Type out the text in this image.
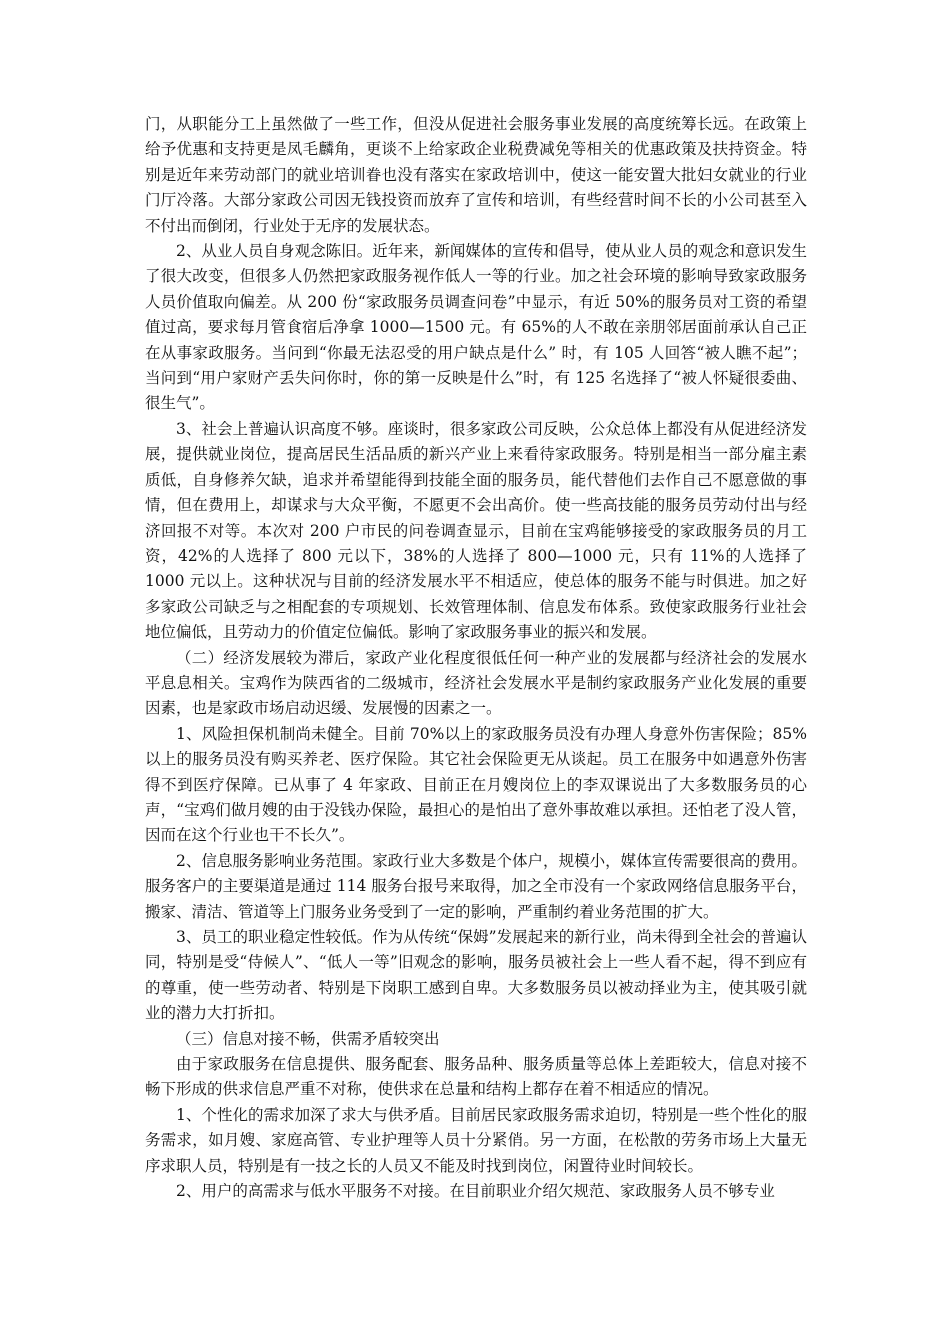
门，从职能分工上虽然做了一些工作，但没从促进社会服务事业发展的高度统筹长远。在政策上给予优惠和支持更是凤毛麟角，更谈不上给家政企业税费减免等相关的优惠政策及扶持资金。特别是近年来劳动部门的就业培训眷也没有落实在家政培训中，使这一能安置大批妇女就业的行业门厅冷落。大部分家政公司因无钱投资而放弃了宣传和培训，有些经营时间不长的小公司甚至入不付出而倒闭，行业处于无序的发展状态。

2、从业人员自身观念陈旧。近年来，新闻媒体的宣传和倡导，使从业人员的观念和意识发生了很大改变，但很多人仍然把家政服务视作低人一等的行业。加之社会环境的影响导致家政服务人员价值取向偏差。从 200 份“家政服务员调查问卷”中显示，有近 50%的服务员对工资的希望值过高，要求每月管食宿后净拿 1000—1500 元。有 65%的人不敢在亲朋邻居面前承认自己正在从事家政服务。当问到“你最无法忍受的用户缺点是什么” 时，有 105 人回答“被人瞧不起”；当问到“用户家财产丢失问你时，你的第一反映是什么”时，有 125 名选择了“被人怀疑很委曲、很生气”。

3、社会上普遍认识高度不够。座谈时，很多家政公司反映，公众总体上都没有从促进经济发展，提供就业岗位，提高居民生活品质的新兴产业上来看待家政服务。特别是相当一部分雇主素质低，自身修养欠缺，追求并希望能得到技能全面的服务员，能代替他们去作自己不愿意做的事情，但在费用上，却谋求与大众平衡，不愿更不会出高价。使一些高技能的服务员劳动付出与经济回报不对等。本次对 200 户市民的问卷调查显示，目前在宝鸡能够接受的家政服务员的月工资，42%的人选择了 800 元以下，38%的人选择了 800—1000 元，只有 11%的人选择了 1000 元以上。这种状况与目前的经济发展水平不相适应，使总体的服务不能与时俱进。加之好多家政公司缺乏与之相配套的专项规划、长效管理体制、信息发布体系。致使家政服务行业社会地位偏低，且劳动力的价值定位偏低。影响了家政服务事业的振兴和发展。

（二）经济发展较为滞后，家政产业化程度很低任何一种产业的发展都与经济社会的发展水平息息相关。宝鸡作为陕西省的二级城市，经济社会发展水平是制约家政服务产业化发展的重要因素，也是家政市场启动迟缓、发展慢的因素之一。

1、风险担保机制尚未健全。目前 70%以上的家政服务员没有办理人身意外伤害保险；85%以上的服务员没有购买养老、医疗保险。其它社会保险更无从谈起。员工在服务中如遇意外伤害得不到医疗保障。已从事了 4 年家政、目前正在月嫂岗位上的李双课说出了大多数服务员的心声，“宝鸡们做月嫂的由于没钱办保险，最担心的是怕出了意外事故难以承担。还怕老了没人管，因而在这个行业也干不长久”。

2、信息服务影响业务范围。家政行业大多数是个体户，规模小，媒体宣传需要很高的费用。服务客户的主要渠道是通过 114 服务台报号来取得，加之全市没有一个家政网络信息服务平台，搬家、清洁、管道等上门服务业务受到了一定的影响，严重制约着业务范围的扩大。

3、员工的职业稳定性较低。作为从传统“保姆”发展起来的新行业，尚未得到全社会的普遍认同，特别是受“侍候人”、“低人一等”旧观念的影响，服务员被社会上一些人看不起，得不到应有的尊重，使一些劳动者、特别是下岗职工感到自卑。大多数服务员以被动择业为主，使其吸引就业的潜力大打折扣。

（三）信息对接不畅，供需矛盾较突出

由于家政服务在信息提供、服务配套、服务品种、服务质量等总体上差距较大，信息对接不畅下形成的供求信息严重不对称，使供求在总量和结构上都存在着不相适应的情况。

1、个性化的需求加深了求大与供矛盾。目前居民家政服务需求迫切，特别是一些个性化的服务需求，如月嫂、家庭高管、专业护理等人员十分紧俏。另一方面，在松散的劳务市场上大量无序求职人员，特别是有一技之长的人员又不能及时找到岗位，闲置待业时间较长。

2、用户的高需求与低水平服务不对接。在目前职业介绍欠规范、家政服务人员不够专业
